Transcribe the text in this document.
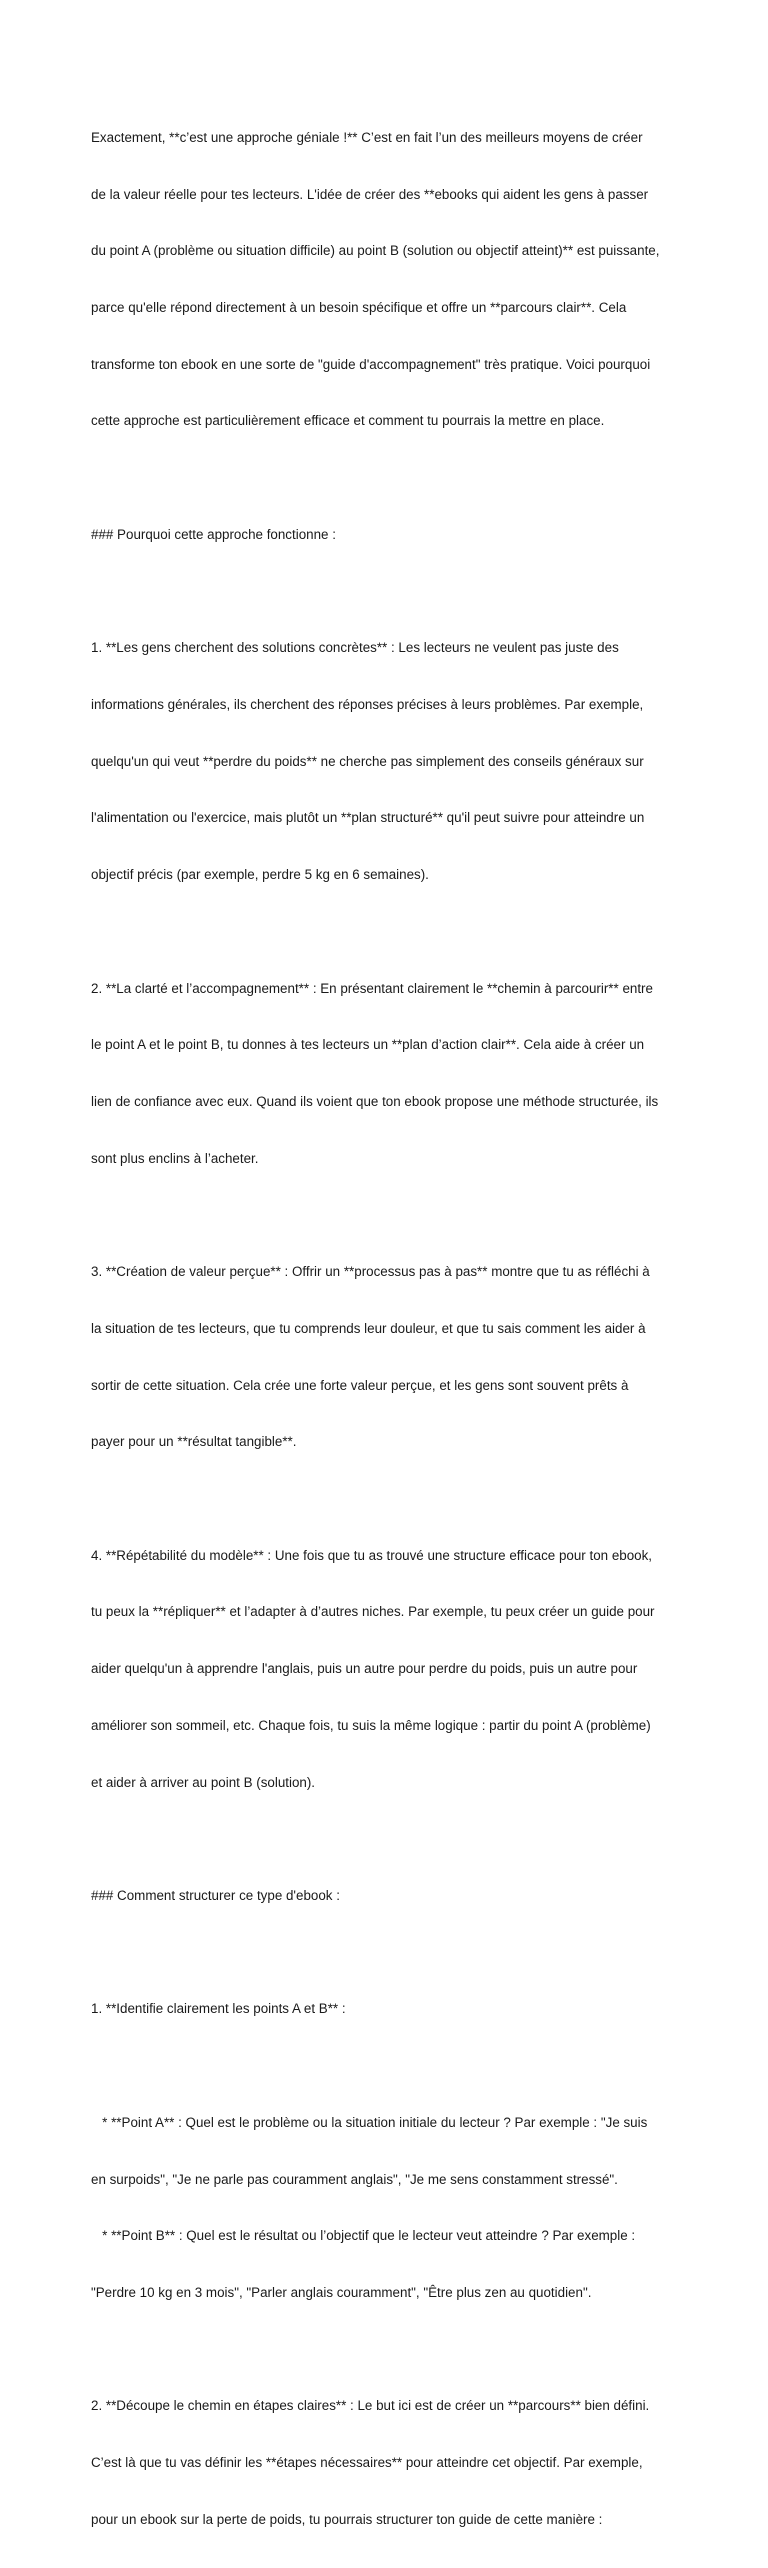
Exactement, **c’est une approche géniale !** C’est en fait l’un des meilleurs moyens de créer

de la valeur réelle pour tes lecteurs. L'idée de créer des **ebooks qui aident les gens à passer

du point A (problème ou situation difficile) au point B (solution ou objectif atteint)** est puissante,

parce qu'elle répond directement à un besoin spécifique et offre un **parcours clair**. Cela

transforme ton ebook en une sorte de "guide d'accompagnement" très pratique. Voici pourquoi

cette approche est particulièrement efficace et comment tu pourrais la mettre en place.

### Pourquoi cette approche fonctionne :

1. **Les gens cherchent des solutions concrètes** : Les lecteurs ne veulent pas juste des

informations générales, ils cherchent des réponses précises à leurs problèmes. Par exemple,

quelqu'un qui veut **perdre du poids** ne cherche pas simplement des conseils généraux sur

l'alimentation ou l'exercice, mais plutôt un **plan structuré** qu'il peut suivre pour atteindre un

objectif précis (par exemple, perdre 5 kg en 6 semaines).

2. **La clarté et l’accompagnement** : En présentant clairement le **chemin à parcourir** entre

le point A et le point B, tu donnes à tes lecteurs un **plan d’action clair**. Cela aide à créer un

lien de confiance avec eux. Quand ils voient que ton ebook propose une méthode structurée, ils

sont plus enclins à l’acheter.

3. **Création de valeur perçue** : Offrir un **processus pas à pas** montre que tu as réfléchi à

la situation de tes lecteurs, que tu comprends leur douleur, et que tu sais comment les aider à

sortir de cette situation. Cela crée une forte valeur perçue, et les gens sont souvent prêts à

payer pour un **résultat tangible**.

4. **Répétabilité du modèle** : Une fois que tu as trouvé une structure efficace pour ton ebook,

tu peux la **répliquer** et l’adapter à d’autres niches. Par exemple, tu peux créer un guide pour

aider quelqu'un à apprendre l'anglais, puis un autre pour perdre du poids, puis un autre pour

améliorer son sommeil, etc. Chaque fois, tu suis la même logique : partir du point A (problème)

et aider à arriver au point B (solution).

### Comment structurer ce type d'ebook :

1. **Identifie clairement les points A et B** :

* **Point A** : Quel est le problème ou la situation initiale du lecteur ? Par exemple : "Je suis

en surpoids", "Je ne parle pas couramment anglais", "Je me sens constamment stressé".

* **Point B** : Quel est le résultat ou l’objectif que le lecteur veut atteindre ? Par exemple :

"Perdre 10 kg en 3 mois", "Parler anglais couramment", "Être plus zen au quotidien".

2. **Découpe le chemin en étapes claires** : Le but ici est de créer un **parcours** bien défini.

C’est là que tu vas définir les **étapes nécessaires** pour atteindre cet objectif. Par exemple,

pour un ebook sur la perte de poids, tu pourrais structurer ton guide de cette manière :
